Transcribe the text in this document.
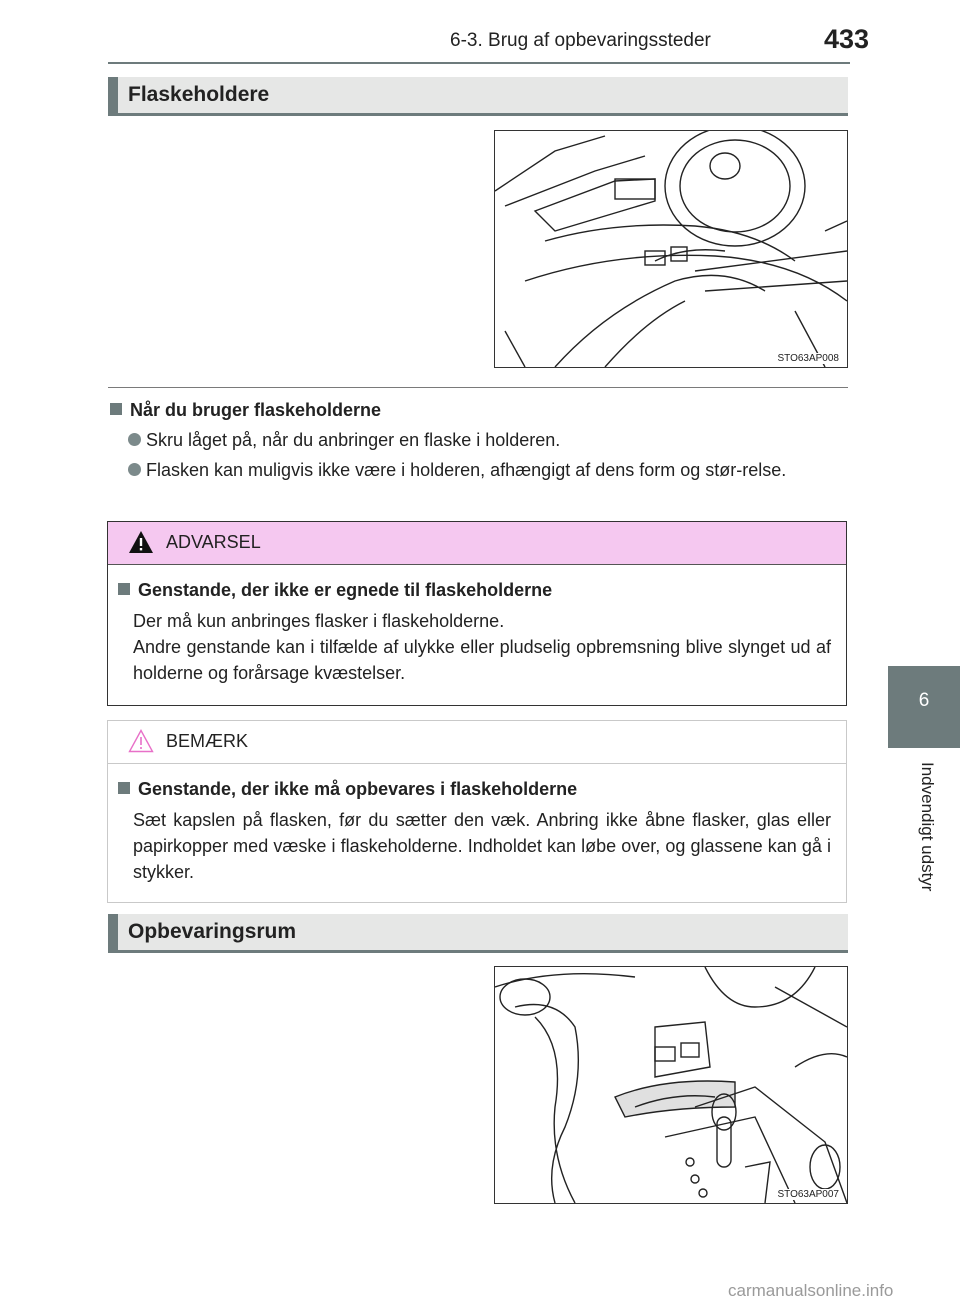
6-3. Brug af opbevaringssteder	433
6
Indvendigt udstyr
Flaskeholdere
STO63AP008
Når du bruger flaskeholderne
Skru låget på, når du anbringer en flaske i holderen.
Flasken kan muligvis ikke være i holderen, afhængigt af dens form og stør-relse.
ADVARSEL
Genstande, der ikke er egnede til flaskeholderne
Der må kun anbringes flasker i flaskeholderne.
Andre genstande kan i tilfælde af ulykke eller pludselig opbremsning blive slynget ud af holderne og forårsage kvæstelser.
BEMÆRK
Genstande, der ikke må opbevares i flaskeholderne
Sæt kapslen på flasken, før du sætter den væk. Anbring ikke åbne flasker, glas eller papirkopper med væske i flaskeholderne. Indholdet kan løbe over, og glassene kan gå i stykker.
Opbevaringsrum
STO63AP007
carmanualsonline.info
